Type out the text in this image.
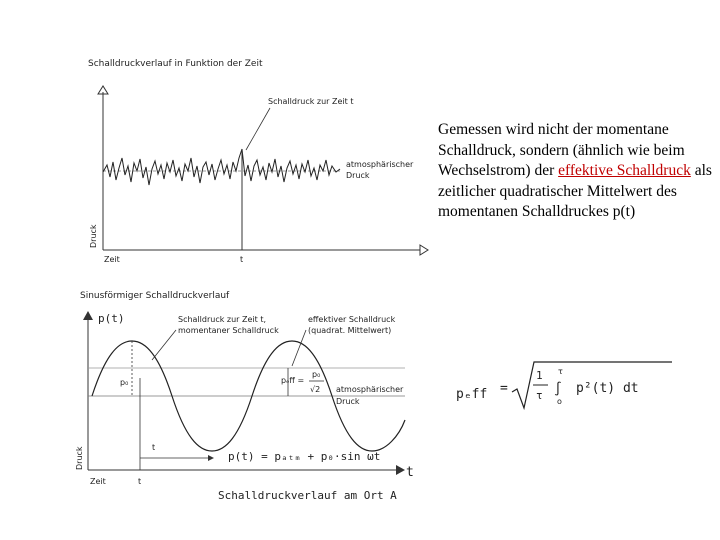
Schalldruckverlauf in Funktion der Zeit
Schalldruck zur Zeit t
atmosphärischer
Druck
Druck
Zeit	t
Sinusförmiger Schalldruckverlauf
p(t)
t
p₀	pₑff =
p₀
√2 atmosphärischer
Druck
Schalldruck zur Zeit t,
momentaner Schalldruck
effektiver Schalldruck
(quadrat. Mittelwert)
t
p(t) = pₐₜₘ + p₀·sin ωt
Druck
Zeit	t
Schalldruckverlauf am Ort A
pₑff =
1
τ
τ
∫
o
p²(t) dt
Gemessen wird nicht der momentane Schalldruck, sondern (ähnlich wie beim Wechselstrom) der effektive Schalldruck als zeitlicher quadratischer Mittelwert des momentanen Schalldruckes p(t)
